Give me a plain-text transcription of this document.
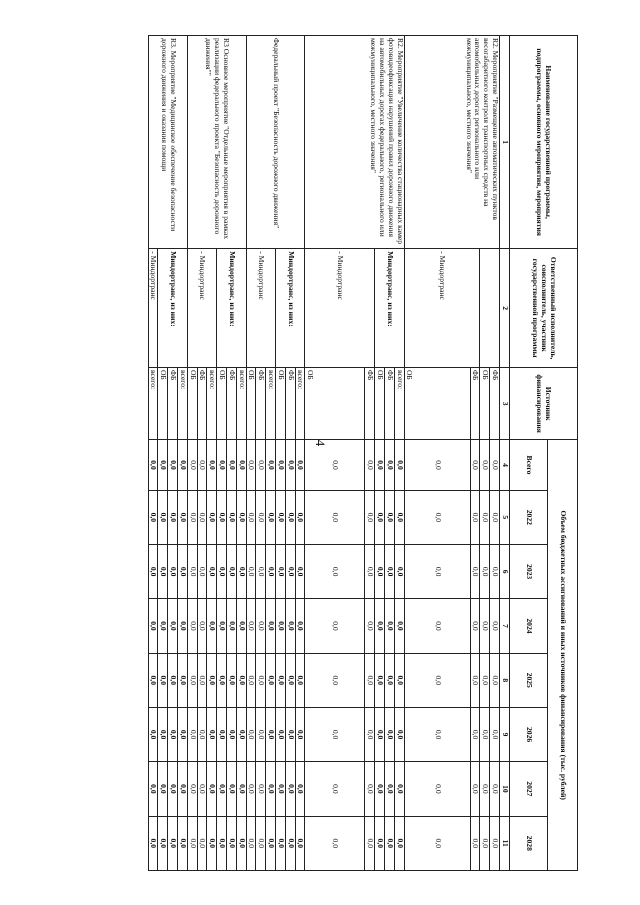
4
Наименование государственной программы, подпрограммы, основного мероприятия, мероприятия	Ответственный исполнитель, соисполнитель, участник государственной программы	Источник финансирования	Объем бюджетных ассигнований и иных источников финансирования (тыс. рублей)							
			Всего	2022	2023	2024	2025	2026	2027	2028
1	2	3	4	5	6	7	8	9	10	11
R2. Мероприятие "Размещение автоматических пунктов весогабаритного контроля транспортных средств на автомобильных дорогах регионального или межмуниципального, местного значения"		ФБ	0,0	0,0	0,0	0,0	0,0	0,0	0,0	0,0
		ОБ	0,0	0,0	0,0	0,0	0,0	0,0	0,0	0,0
	- Миндортранс	ФБ	0,0	0,0	0,0	0,0	0,0	0,0	0,0	0,0
		ОБ	0,0	0,0	0,0	0,0	0,0	0,0	0,0	0,0
R2. Мероприятие "Увеличение количества стационарных камер фотовидеофиксации нарушений правил дорожного движения на автомобильных дорогах федерального, регионального или межмуниципального, местного значения"	Миндортранс, из них:	всего:	0,0	0,0	0,0	0,0	0,0	0,0	0,0	0,0
		ФБ	0,0	0,0	0,0	0,0	0,0	0,0	0,0	0,0
		ОБ	0,0	0,0	0,0	0,0	0,0	0,0	0,0	0,0
	- Миндортранс	ФБ	0,0	0,0	0,0	0,0	0,0	0,0	0,0	0,0
		ОБ	0,0	0,0	0,0	0,0	0,0	0,0	0,0	0,0
Федеральный проект "Безопасность дорожного движения"	Миндортранс, из них:	всего:	0,0	0,0	0,0	0,0	0,0	0,0	0,0	0,0
		ФБ	0,0	0,0	0,0	0,0	0,0	0,0	0,0	0,0
		ОБ	0,0	0,0	0,0	0,0	0,0	0,0	0,0	0,0
	- Миндортранс	всего:	0,0	0,0	0,0	0,0	0,0	0,0	0,0	0,0
		ФБ	0,0	0,0	0,0	0,0	0,0	0,0	0,0	0,0
		ОБ	0,0	0,0	0,0	0,0	0,0	0,0	0,0	0,0
R3 Основное мероприятие "Отдельные мероприятия в рамках реализации федерального проекта "Безопасность дорожного движения""	Миндортранс, из них:	всего:	0,0	0,0	0,0	0,0	0,0	0,0	0,0	0,0
		ФБ	0,0	0,0	0,0	0,0	0,0	0,0	0,0	0,0
		ОБ	0,0	0,0	0,0	0,0	0,0	0,0	0,0	0,0
	- Миндортранс	всего:	0,0	0,0	0,0	0,0	0,0	0,0	0,0	0,0
		ФБ	0,0	0,0	0,0	0,0	0,0	0,0	0,0	0,0
		ОБ	0,0	0,0	0,0	0,0	0,0	0,0	0,0	0,0
R3. Мероприятие "Медицинское обеспечение безопасности дорожного движения и оказания помощи	Миндортранс, из них:	всего:	0,0	0,0	0,0	0,0	0,0	0,0	0,0	0,0
		ФБ	0,0	0,0	0,0	0,0	0,0	0,0	0,0	0,0
		ОБ	0,0	0,0	0,0	0,0	0,0	0,0	0,0	0,0
	- Миндортранс	всего:	0,0	0,0	0,0	0,0	0,0	0,0	0,0	0,0
